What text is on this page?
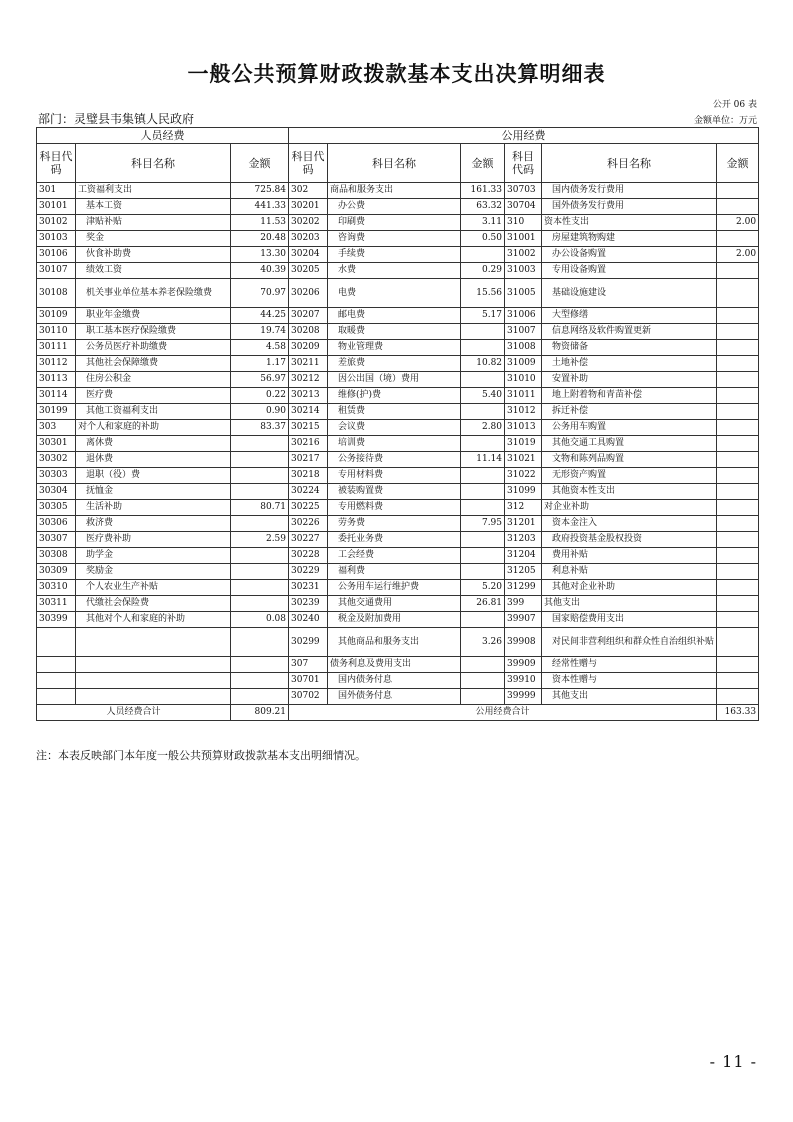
一般公共预算财政拨款基本支出决算明细表
公开 06 表
部门：灵璧县韦集镇人民政府	金额单位：万元
人员经费			公用经费					
科目代码	科目名称	金额	科目代码	科目名称	金额	科目代码	科目名称	金额
301	工资福利支出	725.84	302	商品和服务支出	161.33	30703	国内债务发行费用	
30101	基本工资	441.33	30201	办公费	63.32	30704	国外债务发行费用	
30102	津贴补贴	11.53	30202	印刷费	3.11	310	资本性支出	2.00
30103	奖金	20.48	30203	咨询费	0.50	31001	房屋建筑物购建	
30106	伙食补助费	13.30	30204	手续费		31002	办公设备购置	2.00
30107	绩效工资	40.39	30205	水费	0.29	31003	专用设备购置	
30108	机关事业单位基本养老保险缴费	70.97	30206	电费	15.56	31005	基础设施建设	
30109	职业年金缴费	44.25	30207	邮电费	5.17	31006	大型修缮	
30110	职工基本医疗保险缴费	19.74	30208	取暖费		31007	信息网络及软件购置更新	
30111	公务员医疗补助缴费	4.58	30209	物业管理费		31008	物资储备	
30112	其他社会保障缴费	1.17	30211	差旅费	10.82	31009	土地补偿	
30113	住房公积金	56.97	30212	因公出国（境）费用		31010	安置补助	
30114	医疗费	0.22	30213	维修(护)费	5.40	31011	地上附着物和青苗补偿	
30199	其他工资福利支出	0.90	30214	租赁费		31012	拆迁补偿	
303	对个人和家庭的补助	83.37	30215	会议费	2.80	31013	公务用车购置	
30301	离休费		30216	培训费		31019	其他交通工具购置	
30302	退休费		30217	公务接待费	11.14	31021	文物和陈列品购置	
30303	退职（役）费		30218	专用材料费		31022	无形资产购置	
30304	抚恤金		30224	被装购置费		31099	其他资本性支出	
30305	生活补助	80.71	30225	专用燃料费		312	对企业补助	
30306	救济费		30226	劳务费	7.95	31201	资本金注入	
30307	医疗费补助	2.59	30227	委托业务费		31203	政府投资基金股权投资	
30308	助学金		30228	工会经费		31204	费用补贴	
30309	奖励金		30229	福利费		31205	利息补贴	
30310	个人农业生产补贴		30231	公务用车运行维护费	5.20	31299	其他对企业补助	
30311	代缴社会保险费		30239	其他交通费用	26.81	399	其他支出	
30399	其他对个人和家庭的补助	0.08	30240	税金及附加费用		39907	国家赔偿费用支出	
			30299	其他商品和服务支出	3.26	39908	对民间非营利组织和群众性自治组织补贴	
			307	债务利息及费用支出		39909	经常性赠与	
			30701	国内债务付息		39910	资本性赠与	
			30702	国外债务付息		39999	其他支出	
人员经费合计		809.21	公用经费合计					163.33
注：本表反映部门本年度一般公共预算财政拨款基本支出明细情况。
- 11 -
